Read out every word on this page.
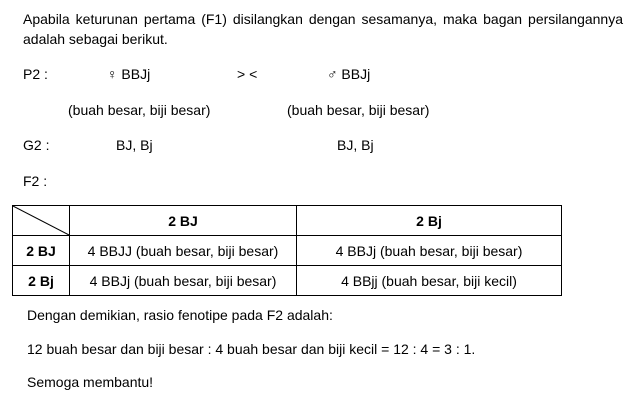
Apabila keturunan pertama (F1) disilangkan dengan sesamanya, maka bagan persilangannya adalah sebagai berikut.
P2 :	♀ BBJj	> <	♂ BBJj
(buah besar, biji besar)	(buah besar, biji besar)
G2 :	BJ, Bj	BJ, Bj
F2 :
	2 BJ	2 Bj
2 BJ	4 BBJJ (buah besar, biji besar)	4 BBJj (buah besar, biji besar)
2 Bj	4 BBJj (buah besar, biji besar)	4 BBjj (buah besar, biji kecil)
Dengan demikian, rasio fenotipe pada F2 adalah:
12 buah besar dan biji besar : 4 buah besar dan biji kecil = 12 : 4 = 3 : 1.
Semoga membantu!
